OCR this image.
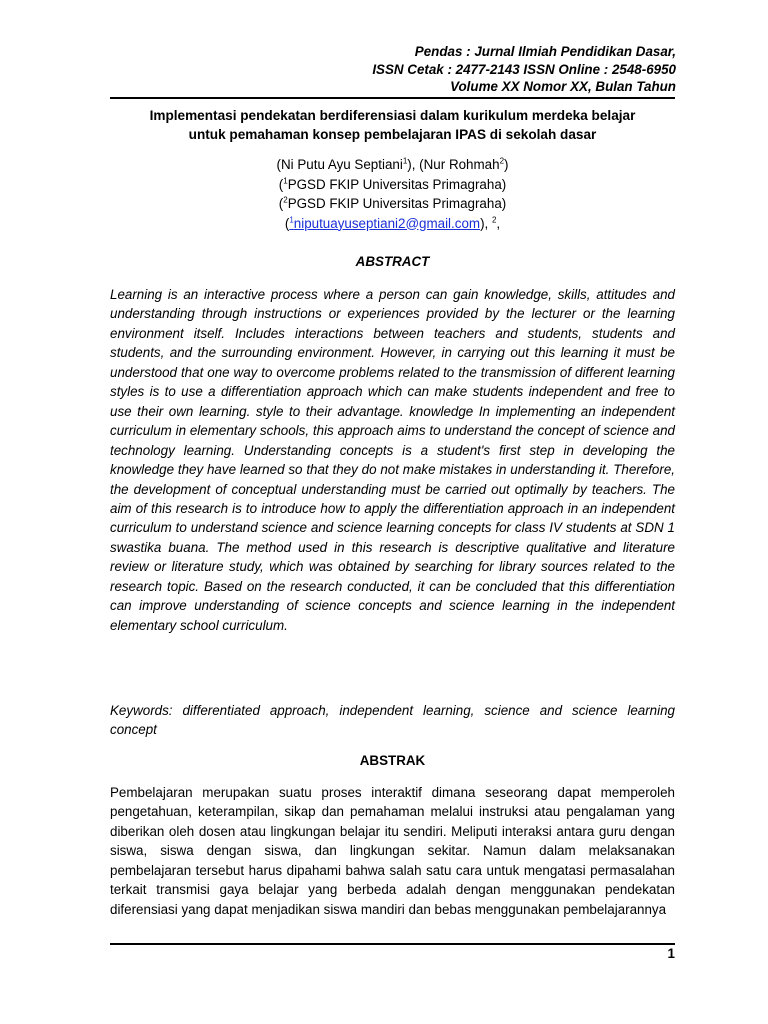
Pendas : Jurnal Ilmiah Pendidikan Dasar,
ISSN Cetak : 2477-2143 ISSN Online : 2548-6950
Volume XX Nomor XX, Bulan Tahun
Implementasi pendekatan berdiferensiasi dalam kurikulum merdeka belajar
untuk pemahaman konsep pembelajaran IPAS di sekolah dasar
(Ni Putu Ayu Septiani$^1$), (Nur Rohmah$^2$)
($^1$PGSD FKIP Universitas Primagraha)
($^2$PGSD FKIP Universitas Primagraha)
($^1$niputuayuseptiani2@gmail.com), $^2$,
ABSTRACT
Learning is an interactive process where a person can gain knowledge, skills, attitudes and understanding through instructions or experiences provided by the lecturer or the learning environment itself. Includes interactions between teachers and students, students and students, and the surrounding environment. However, in carrying out this learning it must be understood that one way to overcome problems related to the transmission of different learning styles is to use a differentiation approach which can make students independent and free to use their own learning. style to their advantage. knowledge In implementing an independent curriculum in elementary schools, this approach aims to understand the concept of science and technology learning. Understanding concepts is a student's first step in developing the knowledge they have learned so that they do not make mistakes in understanding it. Therefore, the development of conceptual understanding must be carried out optimally by teachers. The aim of this research is to introduce how to apply the differentiation approach in an independent curriculum to understand science and science learning concepts for class IV students at SDN 1 swastika buana. The method used in this research is descriptive qualitative and literature review or literature study, which was obtained by searching for library sources related to the research topic. Based on the research conducted, it can be concluded that this differentiation can improve understanding of science concepts and science learning in the independent elementary school curriculum.
Keywords: differentiated approach, independent learning, science and science learning concept
ABSTRAK
Pembelajaran merupakan suatu proses interaktif dimana seseorang dapat memperoleh pengetahuan, keterampilan, sikap dan pemahaman melalui instruksi atau pengalaman yang diberikan oleh dosen atau lingkungan belajar itu sendiri. Meliputi interaksi antara guru dengan siswa, siswa dengan siswa, dan lingkungan sekitar. Namun dalam melaksanakan pembelajaran tersebut harus dipahami bahwa salah satu cara untuk mengatasi permasalahan terkait transmisi gaya belajar yang berbeda adalah dengan menggunakan pendekatan diferensiasi yang dapat menjadikan siswa mandiri dan bebas menggunakan pembelajarannya
1
